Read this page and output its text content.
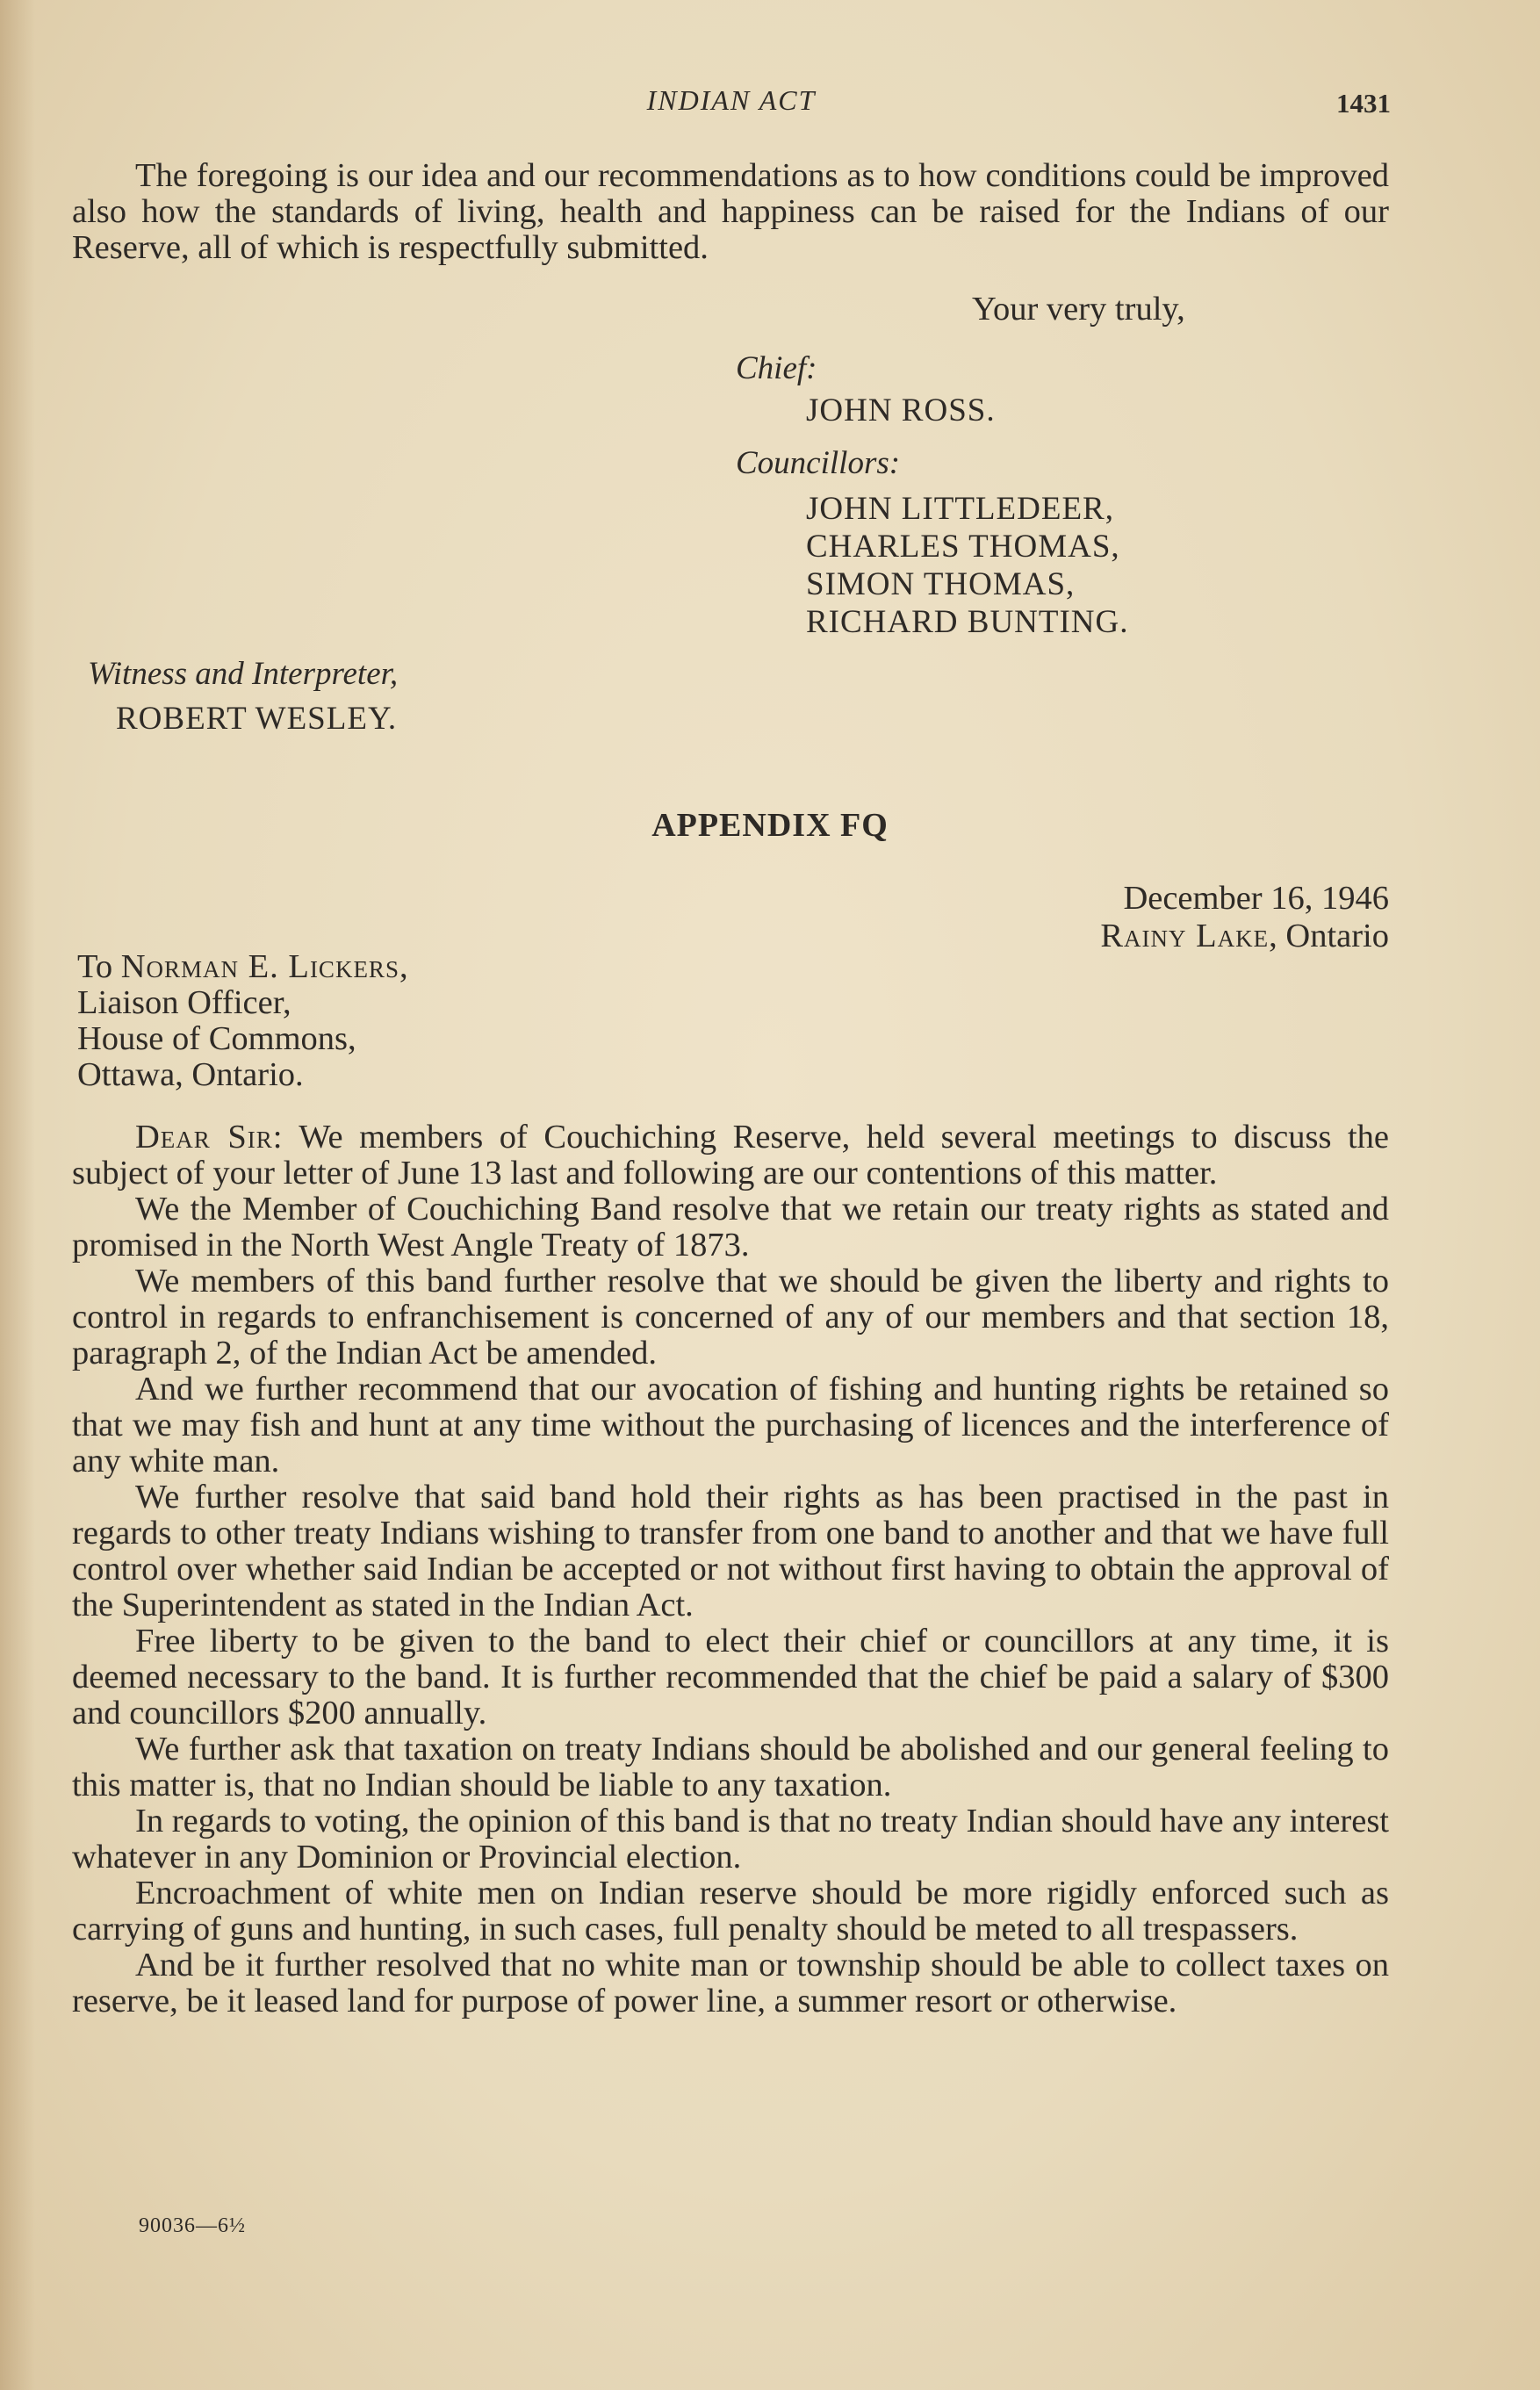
INDIAN ACT	1431

The foregoing is our idea and our recommendations as to how conditions could be improved also how the standards of living, health and happiness can be raised for the Indians of our Reserve, all of which is respectfully submitted.

Your very truly,
Chief:
JOHN ROSS.
Councillors:
JOHN LITTLEDEER,
CHARLES THOMAS,
SIMON THOMAS,
RICHARD BUNTING.
Witness and Interpreter,
ROBERT WESLEY.
APPENDIX FQ
December 16, 1946
Rainy Lake, Ontario
To Norman E. Lickers,
Liaison Officer,
House of Commons,
Ottawa, Ontario.

Dear Sir: We members of Couchiching Reserve, held several meetings to discuss the subject of your letter of June 13 last and following are our contentions of this matter.

We the Member of Couchiching Band resolve that we retain our treaty rights as stated and promised in the North West Angle Treaty of 1873.

We members of this band further resolve that we should be given the liberty and rights to control in regards to enfranchisement is concerned of any of our members and that section 18, paragraph 2, of the Indian Act be amended.

And we further recommend that our avocation of fishing and hunting rights be retained so that we may fish and hunt at any time without the purchasing of licences and the interference of any white man.

We further resolve that said band hold their rights as has been practised in the past in regards to other treaty Indians wishing to transfer from one band to another and that we have full control over whether said Indian be accepted or not without first having to obtain the approval of the Superintendent as stated in the Indian Act.

Free liberty to be given to the band to elect their chief or councillors at any time, it is deemed necessary to the band. It is further recommended that the chief be paid a salary of $300 and councillors $200 annually.

We further ask that taxation on treaty Indians should be abolished and our general feeling to this matter is, that no Indian should be liable to any taxation.

In regards to voting, the opinion of this band is that no treaty Indian should have any interest whatever in any Dominion or Provincial election.

Encroachment of white men on Indian reserve should be more rigidly enforced such as carrying of guns and hunting, in such cases, full penalty should be meted to all trespassers.

And be it further resolved that no white man or township should be able to collect taxes on reserve, be it leased land for purpose of power line, a summer resort or otherwise.

90036—6½
